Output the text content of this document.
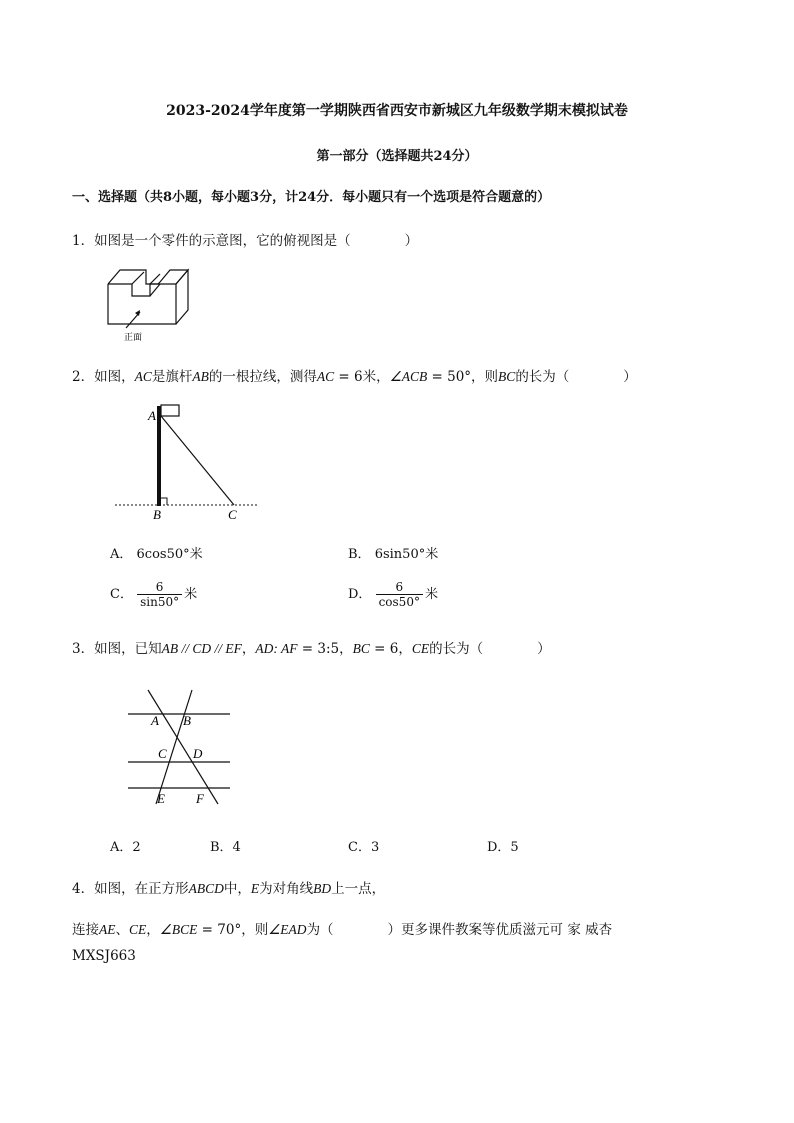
2023-2024学年度第一学期陕西省西安市新城区九年级数学期末模拟试卷
第一部分（选择题共24分）
一、选择题（共8小题，每小题3分，计24分．每小题只有一个选项是符合题意的）
1．如图是一个零件的示意图，它的俯视图是（　　　　）
正面
2．如图，AC是旗杆AB的一根拉线，测得AC = 6米，∠ACB = 50°，则BC的长为（　　　　）
A
B	C
A． 6cos50°米	B． 6sin50°米
C． $\frac{6}{\sin 50^\circ}$ 米	D． $\frac{6}{\cos 50^\circ}$ 米
3．如图，已知AB // CD // EF，AD: AF = 3:5，BC = 6，CE的长为（　　　　）
A B
C D
E F
A．2	B．4	C．3	D．5
4．如图，在正方形ABCD中，E为对角线BD上一点，
连接AE、CE，∠BCE = 70°，则∠EAD为（　　　　）更多课件教案等优质滋元可 家 威杏
MXSJ663
